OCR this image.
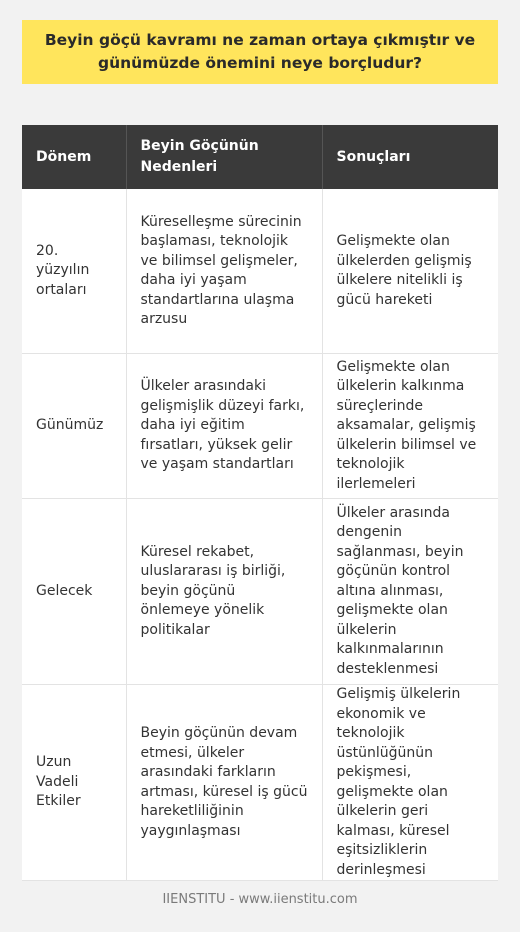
Beyin göçü kavramı ne zaman ortaya çıkmıştır ve günümüzde önemini neye borçludur?
Dönem	Beyin Göçünün Nedenleri	Sonuçları
20. yüzyılın ortaları	Küreselleşme sürecinin başlaması, teknolojik ve bilimsel gelişmeler, daha iyi yaşam standartlarına ulaşma arzusu	Gelişmekte olan ülkelerden gelişmiş ülkelere nitelikli iş gücü hareketi
Günümüz	Ülkeler arasındaki gelişmişlik düzeyi farkı, daha iyi eğitim fırsatları, yüksek gelir ve yaşam standartları	Gelişmekte olan ülkelerin kalkınma süreçlerinde aksamalar, gelişmiş ülkelerin bilimsel ve teknolojik ilerlemeleri
Gelecek	Küresel rekabet, uluslararası iş birliği, beyin göçünü önlemeye yönelik politikalar	Ülkeler arasında dengenin sağlanması, beyin göçünün kontrol altına alınması, gelişmekte olan ülkelerin kalkınmalarının desteklenmesi
Uzun Vadeli Etkiler	Beyin göçünün devam etmesi, ülkeler arasındaki farkların artması, küresel iş gücü hareketliliğinin yaygınlaşması	Gelişmiş ülkelerin ekonomik ve teknolojik üstünlüğünün pekişmesi, gelişmekte olan ülkelerin geri kalması, küresel eşitsizliklerin derinleşmesi
IIENSTITU - www.iienstitu.com
